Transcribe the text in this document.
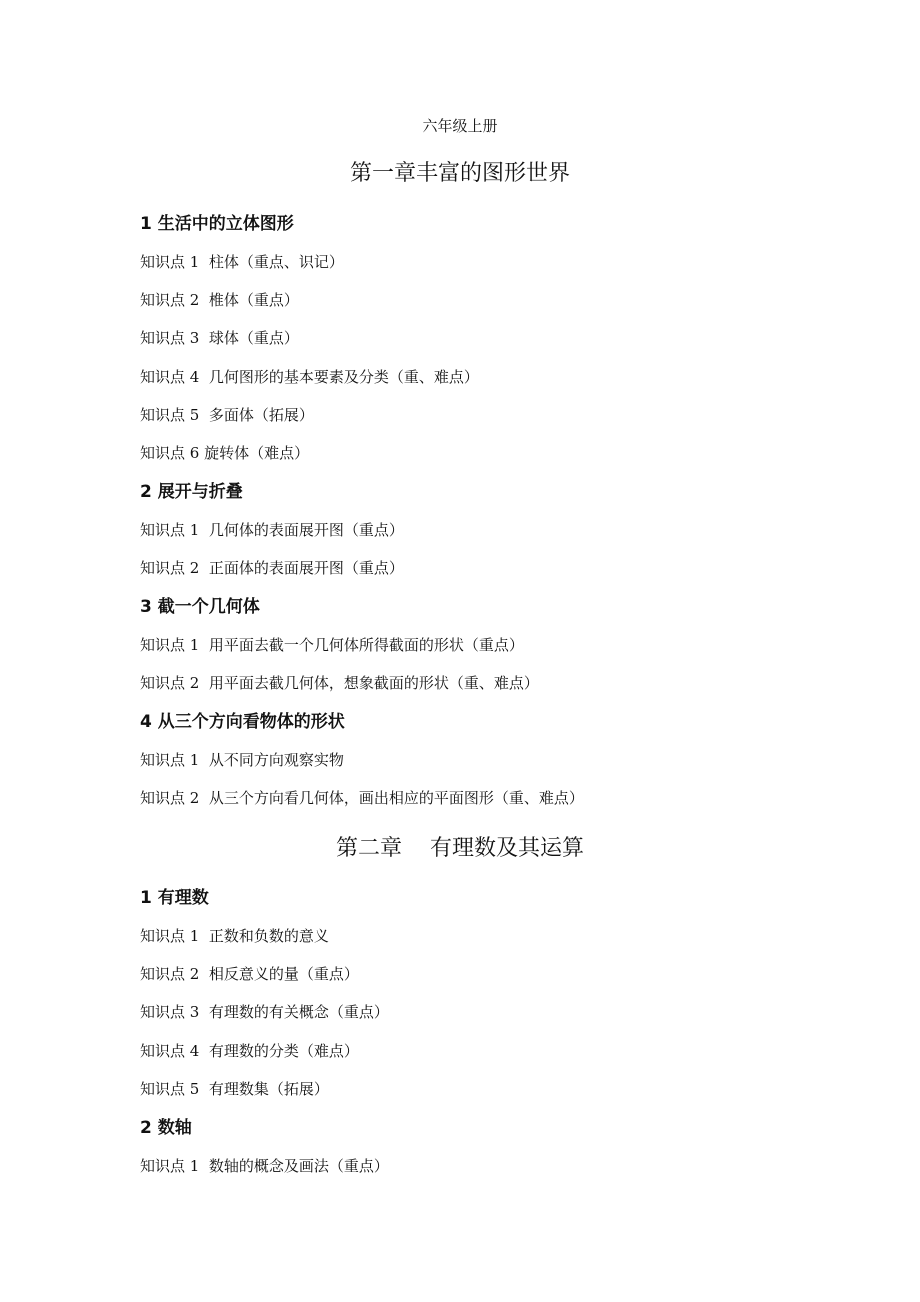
六年级上册
第一章丰富的图形世界
1 生活中的立体图形
知识点 1  柱体（重点、识记）
知识点 2  椎体（重点）
知识点 3  球体（重点）
知识点 4  几何图形的基本要素及分类（重、难点）
知识点 5  多面体（拓展）
知识点 6 旋转体（难点）
2 展开与折叠
知识点 1  几何体的表面展开图（重点）
知识点 2  正面体的表面展开图（重点）
3 截一个几何体
知识点 1  用平面去截一个几何体所得截面的形状（重点）
知识点 2  用平面去截几何体，想象截面的形状（重、难点）
4 从三个方向看物体的形状
知识点 1  从不同方向观察实物
知识点 2  从三个方向看几何体，画出相应的平面图形（重、难点）
第二章    有理数及其运算
1 有理数
知识点 1  正数和负数的意义
知识点 2  相反意义的量（重点）
知识点 3  有理数的有关概念（重点）
知识点 4  有理数的分类（难点）
知识点 5  有理数集（拓展）
2 数轴
知识点 1  数轴的概念及画法（重点）
